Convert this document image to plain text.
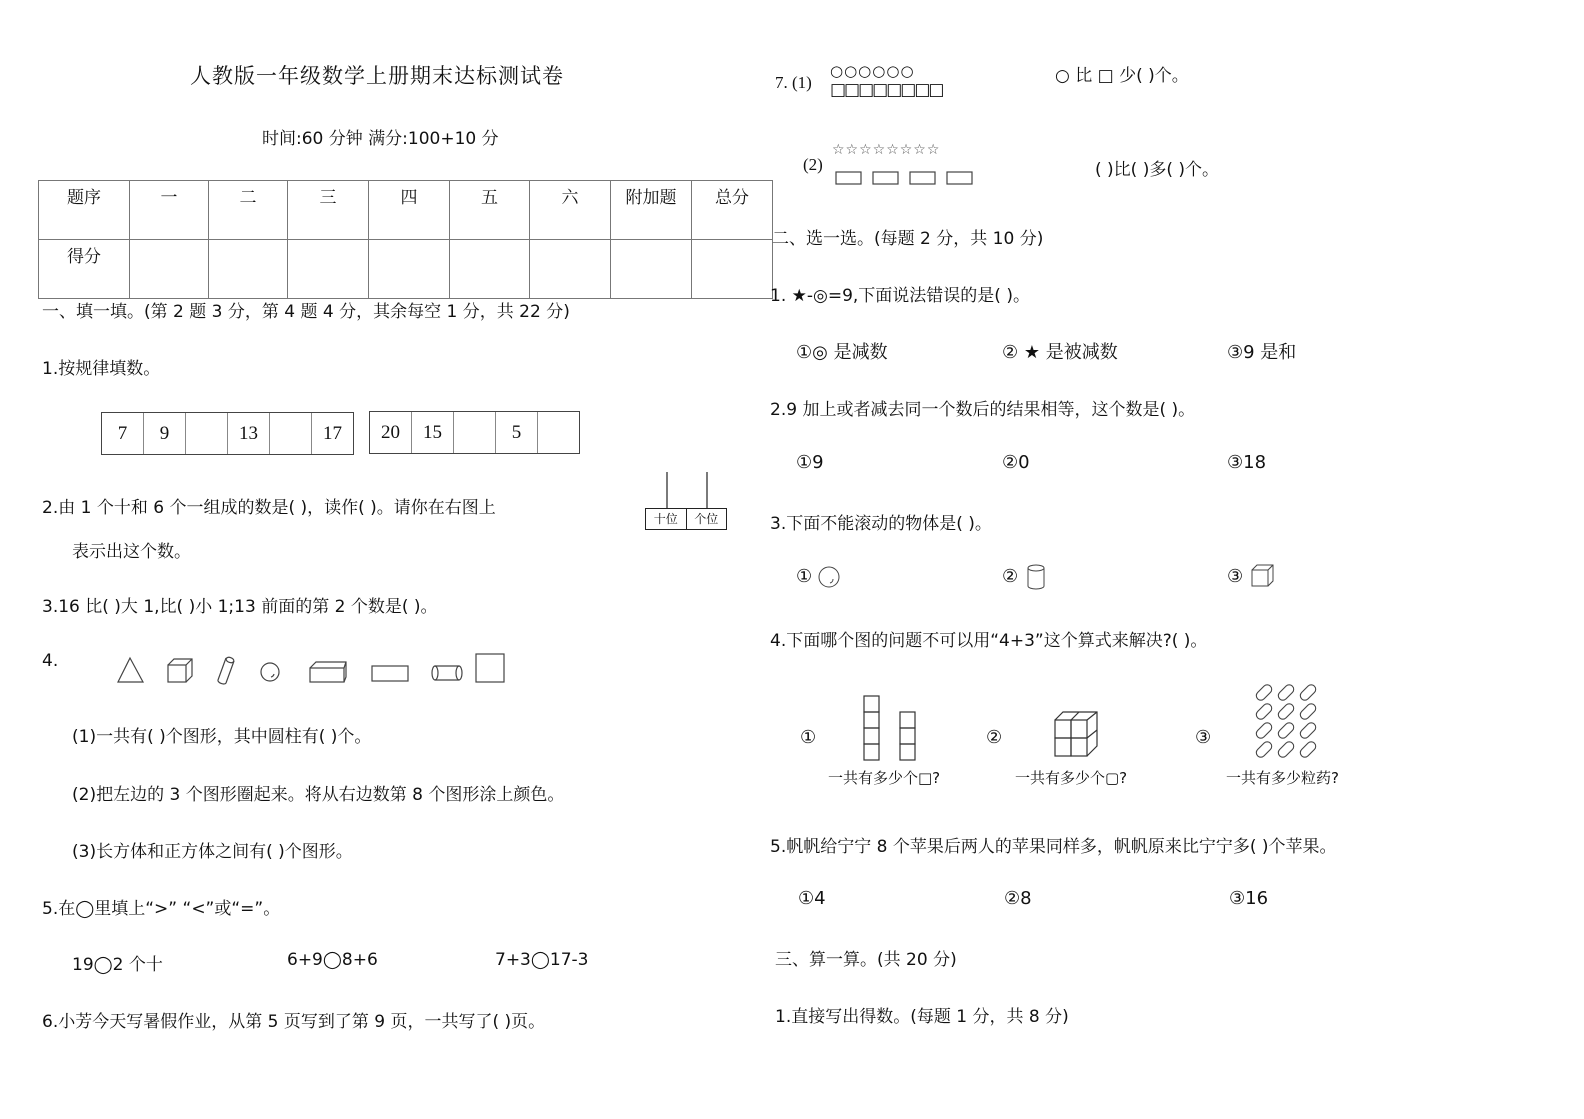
人教版一年级数学上册期末达标测试卷
时间:60 分钟 满分:100+10 分
题序	一	二	三	四	五	六	附加题	总分
得分								
一、填一填。(第 2 题 3 分，第 4 题 4 分，其余每空 1 分，共 22 分)
1.按规律填数。
7	9	13	17	20	15	5
2.由 1 个十和 6 个一组成的数是( )，读作( )。请你在右图上
表示出这个数。
十位	个位
3.16 比( )大 1,比( )小 1;13 前面的第 2 个数是( )。
4.
(1)一共有( )个图形，其中圆柱有( )个。
(2)把左边的 3 个图形圈起来。将从右边数第 8 个图形涂上颜色。
(3)长方体和正方体之间有( )个图形。
5.在◯里填上“>” “<”或“=”。
19◯2 个十	6+9◯8+6	7+3◯17-3
6.小芳今天写暑假作业，从第 5 页写到了第 9 页，一共写了( )页。
7. (1)
○○○○○○
□□□□□□□□
○ 比 □ 少( )个。
(2)
☆☆☆☆☆☆☆☆
( )比( )多( )个。
二、选一选。(每题 2 分，共 10 分)
1. ★-◎=9,下面说法错误的是( )。
①◎ 是减数	② ★ 是被减数	③9 是和
2.9 加上或者减去同一个数后的结果相等，这个数是( )。
①9	②0	③18
3.下面不能滚动的物体是( )。
①	②	③
4.下面哪个图的问题不可以用“4+3”这个算式来解决?( )。
①
一共有多少个□?
②
一共有多少个▢?
③
一共有多少粒药?
5.帆帆给宁宁 8 个苹果后两人的苹果同样多，帆帆原来比宁宁多( )个苹果。
①4	②8	③16
三、算一算。(共 20 分)
1.直接写出得数。(每题 1 分，共 8 分)
